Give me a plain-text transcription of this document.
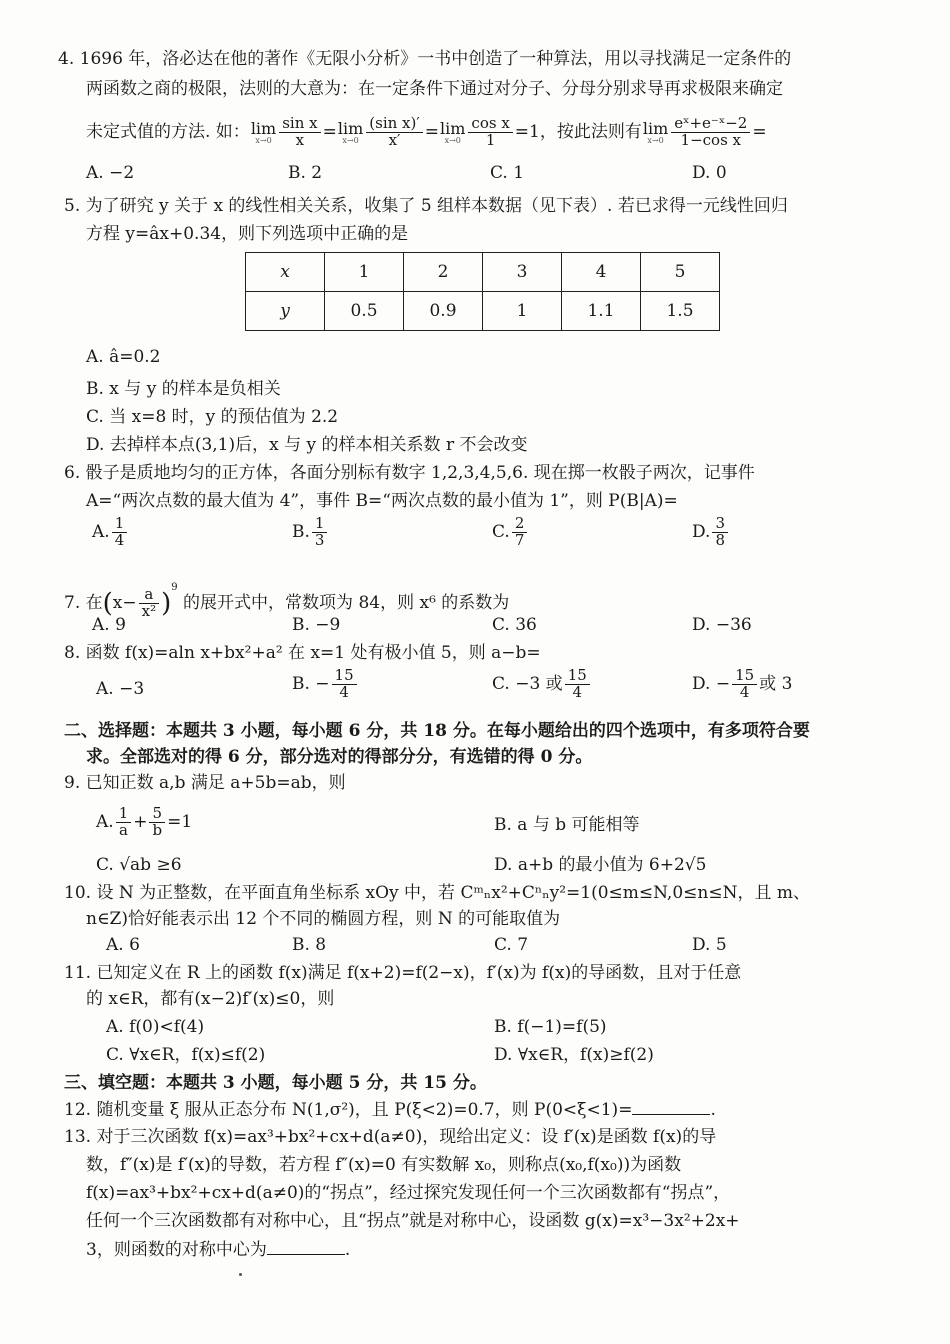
4. 1696 年，洛必达在他的著作《无限小分析》一书中创造了一种算法，用以寻找满足一定条件的
两函数之商的极限，法则的大意为：在一定条件下通过对分子、分母分别求导再求极限来确定
未定式值的方法. 如： lim
$x\to 0 \frac{\text{sin x}}{x} = \lim$
$x\to 0 \frac{\text{(sin x)′}}{x'} = \lim$
$x\to 0 \frac{\text{cos x}}{1} =1$，按此法则有 lim
$x\to 0 \frac{\text{eˣ+e⁻ˣ−2}}{\text{1−cos x}}$ =
A. −2	B. 2	C. 1	D. 0
5. 为了研究 y 关于 x 的线性相关关系，收集了 5 组样本数据（见下表）. 若已求得一元线性回归
方程 y=âx+0.34，则下列选项中正确的是
x	1	2	3	4	5
y	0.5	0.9	1	1.1	1.5
A. â=0.2
B. x 与 y 的样本是负相关
C. 当 x=8 时，y 的预估值为 2.2
D. 去掉样本点(3,1)后，x 与 y 的样本相关系数 r 不会改变
6. 骰子是质地均匀的正方体，各面分别标有数字 1,2,3,4,5,6. 现在掷一枚骰子两次，记事件
A=“两次点数的最大值为 4”，事件 B=“两次点数的最小值为 1”，则 P(B|A)=
A. $\frac{1}{4}$	B. $\frac{1}{3}$	C. $\frac{2}{7}$	D. $\frac{3}{8}$
7. 在$(x- \frac{a}{\text{x²}} )^9$ 的展开式中，常数项为 84，则 x⁶ 的系数为
A. 9	B. −9	C. 36	D. −36
8. 函数 f(x)=aln x+bx²+a² 在 x=1 处有极小值 5，则 a−b=
A. −3	B. − $\frac{15}{4}$	C. −3 或 $\frac{15}{4}$	D. − $\frac{15}{4}$ 或 3
二、选择题：本题共 3 小题，每小题 6 分，共 18 分。在每小题给出的四个选项中，有多项符合要
求。全部选对的得 6 分，部分选对的得部分分，有选错的得 0 分。
9. 已知正数 a,b 满足 a+5b=ab，则
A. $\frac{1}{a} + \frac{5}{b} =1$	B. a 与 b 可能相等
C. √ab ≥6	D. a+b 的最小值为 6+2√5
10. 设 N 为正整数，在平面直角坐标系 xOy 中，若 Cᵐₙx²+Cⁿₙy²=1(0≤m≤N,0≤n≤N，且 m、
n∈Z)恰好能表示出 12 个不同的椭圆方程，则 N 的可能取值为
A. 6	B. 8	C. 7	D. 5
11. 已知定义在 R 上的函数 f(x)满足 f(x+2)=f(2−x)，f′(x)为 f(x)的导函数，且对于任意
的 x∈R，都有(x−2)f′(x)≤0，则
A. f(0)<f(4)	B. f(−1)=f(5)
C. ∀x∈R，f(x)≤f(2)	D. ∀x∈R，f(x)≥f(2)
三、填空题：本题共 3 小题，每小题 5 分，共 15 分。
12. 随机变量 ξ 服从正态分布 N(1,σ²)，且 P(ξ<2)=0.7，则 P(0<ξ<1)=	.
13. 对于三次函数 f(x)=ax³+bx²+cx+d(a≠0)，现给出定义：设 f′(x)是函数 f(x)的导
数，f″(x)是 f′(x)的导数，若方程 f″(x)=0 有实数解 x₀，则称点(x₀,f(x₀))为函数
f(x)=ax³+bx²+cx+d(a≠0)的“拐点”，经过探究发现任何一个三次函数都有“拐点”，
任何一个三次函数都有对称中心，且“拐点”就是对称中心，设函数 g(x)=x³−3x²+2x+
3，则函数的对称中心为	.
